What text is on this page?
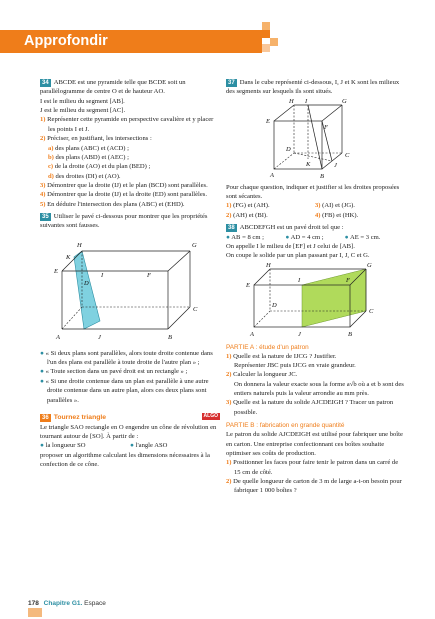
Approfondir

34 ABCDE est une pyramide telle que BCDE soit un parallélogramme de centre O et de hauteur AO.

I est le milieu du segment [AB].

J est le milieu du segment [AC].

1) Représenter cette pyramide en perspective cavalière et y placer les points I et J.

2) Préciser, en justifiant, les intersections :

a) des plans (ABC) et (ACD) ;

b) des plans (ABD) et (AEC) ;

c) de la droite (AO) et du plan (BED) ;

d) des droites (DI) et (AO).

3) Démontrer que la droite (IJ) et le plan (BCD) sont parallèles.

4) Démontrer que la droite (IJ) et la droite (ED) sont parallèles.

5) En déduire l'intersection des plans (ABC) et (EHD).

35 Utiliser le pavé ci-dessous pour montrer que les propriétés suivantes sont fausses.

H	G
K
I	F
E
D
C
A	J	B

● « Si deux plans sont parallèles, alors toute droite contenue dans l'un des plans est parallèle à toute droite de l'autre plan » ;

● « Toute section dans un pavé droit est un rectangle » ;

● « Si une droite contenue dans un plan est parallèle à une autre droite contenue dans un autre plan, alors ces deux plans sont parallèles ».

36 Tournez triangle	ALGO

Le triangle SAO rectangle en O engendre un cône de révolution en tournant autour de [SO]. À partir de :

● la longueur SO	● l'angle ASO

proposer un algorithme calculant les dimensions nécessaires à la confection de ce cône.

37 Dans le cube représenté ci-dessous, I, J et K sont les milieux des segments sur lesquels ils sont situés.

H I	G
E
F
D
C
K	J
A	B

Pour chaque question, indiquer et justifier si les droites proposées sont sécantes.

1) (FG) et (AH).	3) (AI) et (JG).
2) (AH) et (BI).	4) (FB) et (HK).

38 ABCDEFGH est un pavé droit tel que :

● AB = 8 cm ;	● AD = 4 cm ;	● AE = 3 cm.

On appelle I le milieu de [EF] et J celui de [AB].

On coupe le solide par un plan passant par I, J, C et G.

H	G
E
I	F
D
C
A	J	B

PARTIE A : étude d'un patron

1) Quelle est la nature de IJCG ? Justifier.

Représenter JBC puis IJCG en vraie grandeur.

2) Calculer la longueur JC.

On donnera la valeur exacte sous la forme a√b où a et b sont des entiers naturels puis la valeur arrondie au mm près.

3) Quelle est la nature du solide AJCDEIGH ? Tracer un patron possible.

PARTIE B : fabrication en grande quantité

Le patron du solide AJCDEIGH est utilisé pour fabriquer une boîte en carton. Une entreprise confectionnant ces boîtes souhaite optimiser ses coûts de production.

1) Positionner les faces pour faire tenir le patron dans un carré de 15 cm de côté.

2) De quelle longueur de carton de 3 m de large a-t-on besoin pour fabriquer 1 000 boîtes ?

178 Chapitre G1. Espace
